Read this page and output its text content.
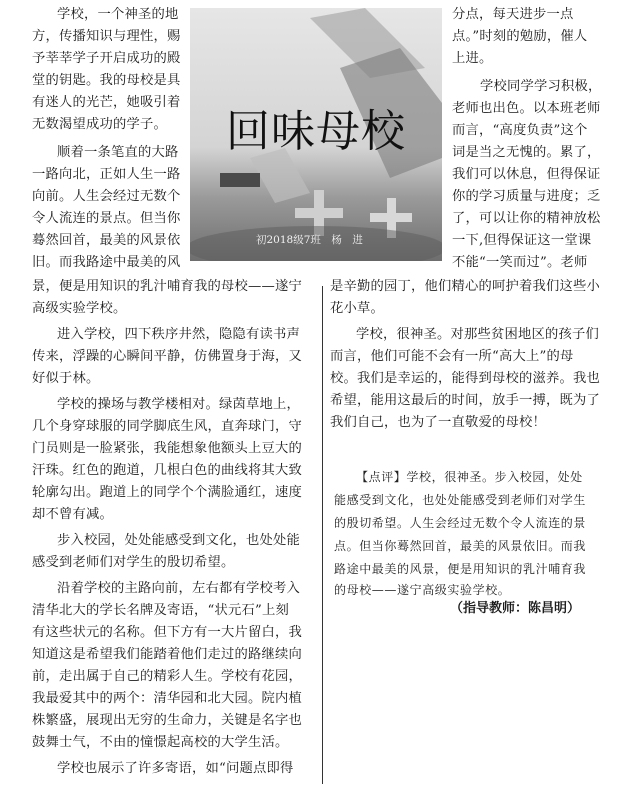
回味母校
初2018级7班　杨　进
学校，一个神圣的地
方，传播知识与理性，赐
予莘莘学子开启成功的殿
堂的钥匙。我的母校是具
有迷人的光芒，她吸引着
无数渴望成功的学子。
顺着一条笔直的大路
一路向北，正如人生一路
向前。人生会经过无数个
令人流连的景点。但当你
蓦然回首，最美的风景依
旧。而我路途中最美的风
分点，每天进步一点
点。”时刻的勉励，催人
上进。
学校同学学习积极，
老师也出色。以本班老师
而言，“高度负责”这个
词是当之无愧的。累了，
我们可以休息，但得保证
你的学习质量与进度；乏
了，可以让你的精神放松
一下,但得保证这一堂课
不能“一笑而过”。老师
景，便是用知识的乳汁哺育我的母校——遂宁
高级实验学校。
进入学校，四下秩序井然，隐隐有读书声
传来，浮躁的心瞬间平静，仿佛置身于海，又
好似于林。
学校的操场与教学楼相对。绿茵草地上，
几个身穿球服的同学脚底生风，直奔球门，守
门员则是一脸紧张，我能想象他额头上豆大的
汗珠。红色的跑道，几根白色的曲线将其大致
轮廓勾出。跑道上的同学个个满脸通红，速度
却不曾有减。
步入校园，处处能感受到文化，也处处能
感受到老师们对学生的殷切希望。
沿着学校的主路向前，左右都有学校考入
清华北大的学长名牌及寄语，“状元石”上刻
有这些状元的名称。但下方有一大片留白，我
知道这是希望我们能踏着他们走过的路继续向
前，走出属于自己的精彩人生。学校有花园，
我最爱其中的两个：清华园和北大园。院内植
株繁盛，展现出无穷的生命力，关键是名字也
鼓舞士气，不由的憧憬起高校的大学生活。
学校也展示了许多寄语，如“问题点即得
是辛勤的园丁，他们精心的呵护着我们这些小
花小草。
学校，很神圣。对那些贫困地区的孩子们
而言，他们可能不会有一所“高大上”的母
校。我们是幸运的，能得到母校的滋养。我也
希望，能用这最后的时间，放手一搏，既为了
我们自己，也为了一直敬爱的母校！
【点评】学校，很神圣。步入校园，处处
能感受到文化，也处处能感受到老师们对学生
的殷切希望。人生会经过无数个令人流连的景
点。但当你蓦然回首，最美的风景依旧。而我
路途中最美的风景，便是用知识的乳汁哺育我
的母校——遂宁高级实验学校。
（指导教师：陈昌明）
